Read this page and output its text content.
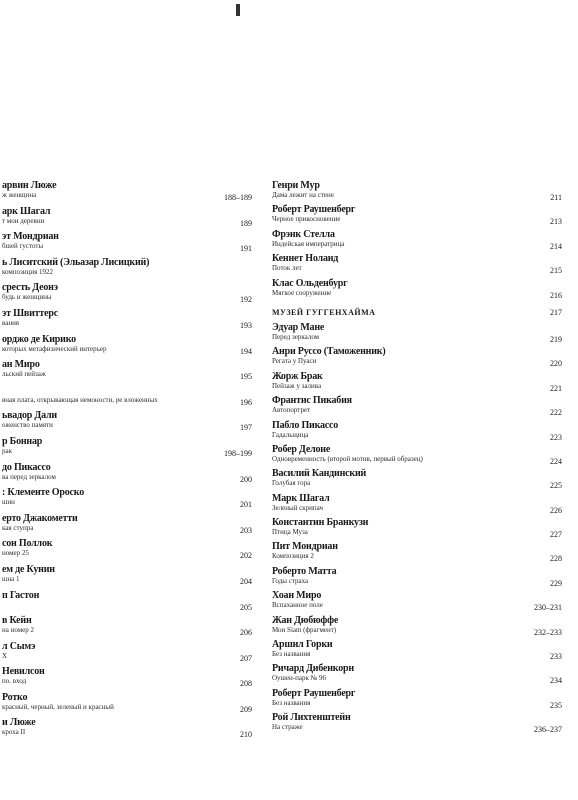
арвин Люже
ж женщина	188–189
арк Шагал
т мои деревни	189
эт Мондриан
бшей густоты	191
ь Лиситский (Эльазар Лисицкий)
композиция 1922
сресть Деонэ
будь и женщины	192
эт Швиттерс
вания	193
орджо де Кирико
которых метафизический интерьер	194
ан Миро
льский пейзаж	195
вная плата, открывающая немоности, ре вложенных	196
ьвадор Дали
оженство памяти	197
р Боннар
рак	198–199
до Пикассо
ва перед зеркалом	200
: Клементе Ороско
шин	201
ерто Джакометти
кая ступра	203
сон Поллок
номер 25	202
ем де Кунин
шна 1	204
п Гастон
205
в Кейн
на номер 2	206
л Сымэ
Х	207
Невилсон
по. вход	208
Ротко
красный, черный, зеленый и красный	209
и Люже
кроха II	210
Генри Мур
Дама лежит на стене	211
Роберт Раушенберг
Черное прикосновение	213
Фрэнк Стелла
Индейская императрица	214
Кеннет Ноланд
Поток лет	215
Клас Ольденбург
Мягкое сооружение	216
МУЗЕЙ ГУГГЕНХАЙМА	217
Эдуар Мане
Перед зеркалом	219
Анри Руссо (Таможенник)
Регата у Пуаси	220
Жорж Брак
Пейзаж у залива	221
Франтис Пикабия
Автопортрет	222
Пабло Пикассо
Гадальщица	223
Робер Делоне
Одновременность (второй мотив, первый образец)	224
Василий Кандинский
Голубая гора	225
Марк Шагал
Зеленый скрипач	226
Константин Бранкузи
Птица Муза	227
Пит Мондриан
Композиция 2	228
Роберто Матта
Годы страха	229
Хоан Миро
Вспаханное поле	230–231
Жан Дюбюффе
Мои Siam (фрагмент)	232–233
Аршил Горки
Без названия	233
Ричард Дибенкорн
Оушен-парк № 96	234
Роберт Раушенберг
Без названия	235
Рой Лихтенштейн
На страже	236–237
